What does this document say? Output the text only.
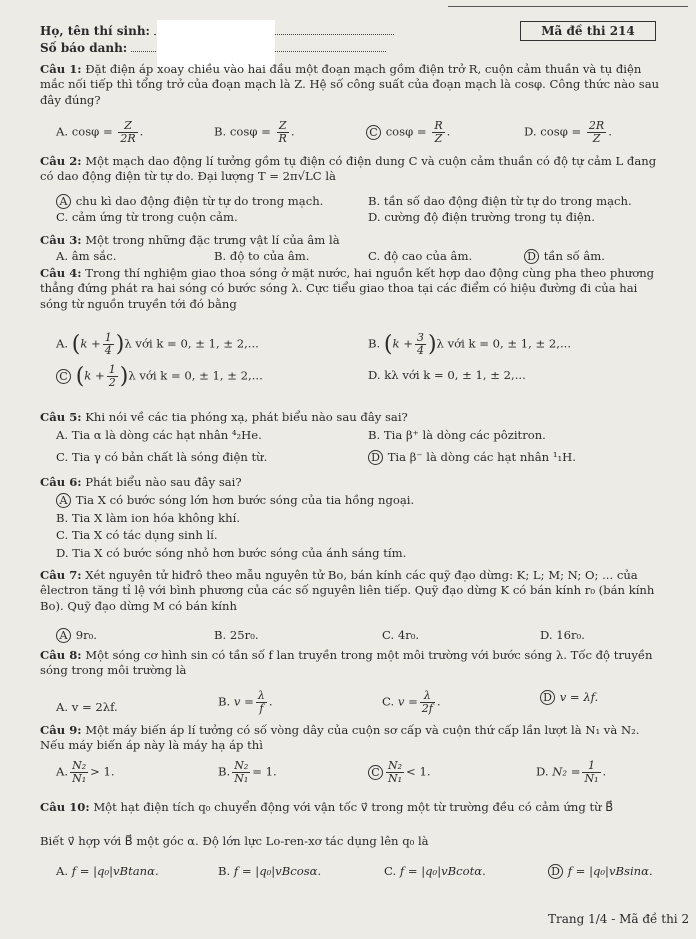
Họ, tên thí sinh:
Số báo danh:
Mã đề thi 214
Câu 1: Đặt điện áp xoay chiều vào hai đầu một đoạn mạch gồm điện trở R, cuộn cảm thuần và tụ điện mắc nối tiếp thì tổng trở của đoạn mạch là Z. Hệ số công suất của đoạn mạch là cosφ. Công thức nào sau đây đúng?
A. $\cos\varphi = \frac{Z}{2R}$ .	B. $\cos\varphi = \frac{Z}{R}$ .	C $\cos\varphi = \frac{R}{Z}$ .	D. $\cos\varphi = \frac{2R}{Z}$ .
Câu 2: Một mạch dao động lí tưởng gồm tụ điện có điện dung C và cuộn cảm thuần có độ tự cảm L đang có dao động điện từ tự do. Đại lượng T = 2π√LC là
A chu kì dao động điện từ tự do trong mạch.	B. tần số dao động điện từ tự do trong mạch.
C. cảm ứng từ trong cuộn cảm.	D. cường độ điện trường trong tụ điện.
Câu 3: Một trong những đặc trưng vật lí của âm là
A. âm sắc.	B. độ to của âm.	C. độ cao của âm.	D tần số âm.
Câu 4: Trong thí nghiệm giao thoa sóng ở mặt nước, hai nguồn kết hợp dao động cùng pha theo phương thẳng đứng phát ra hai sóng có bước sóng λ. Cực tiểu giao thoa tại các điểm có hiệu đường đi của hai sóng từ nguồn truyền tới đó bằng
A. $(k + \frac{1}{4} )\lambda$ với k = 0, ± 1, ± 2,...	B. $(k + \frac{3}{4} )\lambda$ với k = 0, ± 1, ± 2,...
C $(k + \frac{1}{2} )\lambda$ với k = 0, ± 1, ± 2,...	D. kλ với k = 0, ± 1, ± 2,...
Câu 5: Khi nói về các tia phóng xạ, phát biểu nào sau đây sai?
A. Tia α là dòng các hạt nhân ⁴₂He.	B. Tia β⁺ là dòng các pôzitron.
C. Tia γ có bản chất là sóng điện từ.	D Tia β⁻ là dòng các hạt nhân ¹₁H.
Câu 6: Phát biểu nào sau đây sai?
A Tia X có bước sóng lớn hơn bước sóng của tia hồng ngoại.
B. Tia X làm ion hóa không khí.
C. Tia X có tác dụng sinh lí.
D. Tia X có bước sóng nhỏ hơn bước sóng của ánh sáng tím.
Câu 7: Xét nguyên tử hiđrô theo mẫu nguyên tử Bo, bán kính các quỹ đạo dừng: K; L; M; N; O; ... của êlectron tăng tỉ lệ với bình phương của các số nguyên liên tiếp. Quỹ đạo dừng K có bán kính r₀ (bán kính Bo). Quỹ đạo dừng M có bán kính
A 9r₀.	B. 25r₀.	C. 4r₀.	D. 16r₀.
Câu 8: Một sóng cơ hình sin có tần số f lan truyền trong một môi trường với bước sóng λ. Tốc độ truyền sóng trong môi trường là
A. v = 2λf.	B. $v = \frac{\lambda}{f}$ .	C. $v = \frac{\lambda}{2f}$ .	D v = λf.
Câu 9: Một máy biến áp lí tưởng có số vòng dây của cuộn sơ cấp và cuộn thứ cấp lần lượt là N₁ và N₂. Nếu máy biến áp này là máy hạ áp thì
A. $\frac{\text{N₂}}{\text{N₁}} > 1$.	B. $\frac{\text{N₂}}{\text{N₁}} = 1$.	C $\frac{\text{N₂}}{\text{N₁}} < 1$.	D. $N_2 = \frac{1}{\text{N₁}}$ .
Câu 10: Một hạt điện tích q₀ chuyển động với vận tốc v⃗ trong một từ trường đều có cảm ứng từ B⃗
Biết v⃗ hợp với B⃗ một góc α. Độ lớn lực Lo-ren-xơ tác dụng lên q₀ là
A. f = |q₀|vBtanα.	B. f = |q₀|vBcosα.	C. f = |q₀|vBcotα.	D f = |q₀|vBsinα.
Trang 1/4 - Mã đề thi 2
